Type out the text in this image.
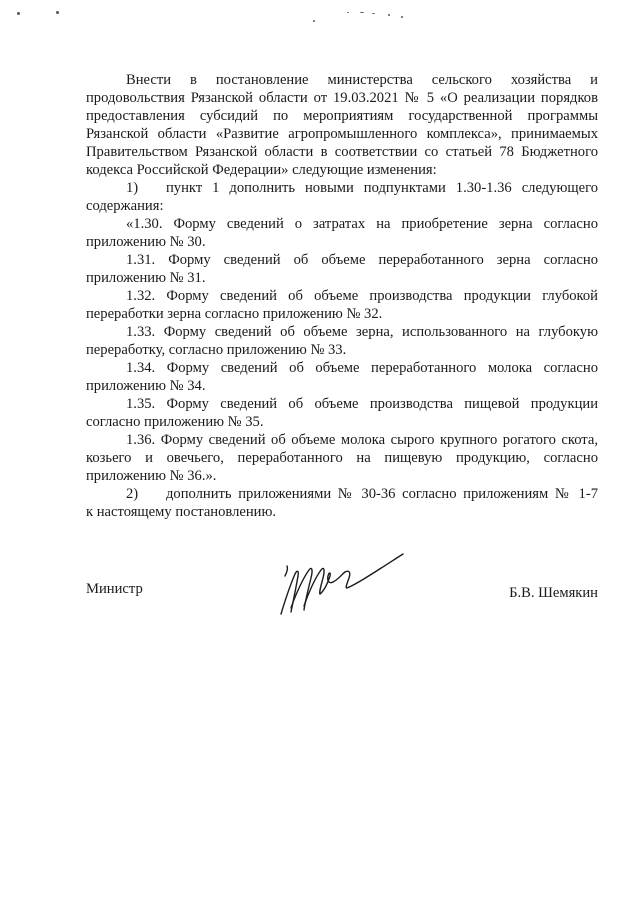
Внести в постановление министерства сельского хозяйства и продовольствия Рязанской области от 19.03.2021 № 5 «О реализации порядков предоставления субсидий по мероприятиям государственной программы Рязанской области «Развитие агропромышленного комплекса», принимаемых Правительством Рязанской области в соответствии со статьей 78 Бюджетного кодекса Российской Федерации» следующие изменения:

1)	пункт 1 дополнить новыми подпунктами 1.30-1.36 следующего

содержания:

«1.30. Форму сведений о затратах на приобретение зерна согласно приложению № 30.

1.31. Форму сведений об объеме переработанного зерна согласно приложению № 31.

1.32. Форму сведений об объеме производства продукции глубокой переработки зерна согласно приложению № 32.

1.33. Форму сведений об объеме зерна, использованного на глубокую переработку, согласно приложению № 33.

1.34. Форму сведений об объеме переработанного молока согласно приложению № 34.

1.35. Форму сведений об объеме производства пищевой продукции согласно приложению № 35.

1.36. Форму сведений об объеме молока сырого крупного рогатого скота, козьего и овечьего, переработанного на пищевую продукцию, согласно приложению № 36.».

2)	дополнить приложениями № 30-36 согласно приложениям № 1-7

к настоящему постановлению.

Министр	Б.В. Шемякин
